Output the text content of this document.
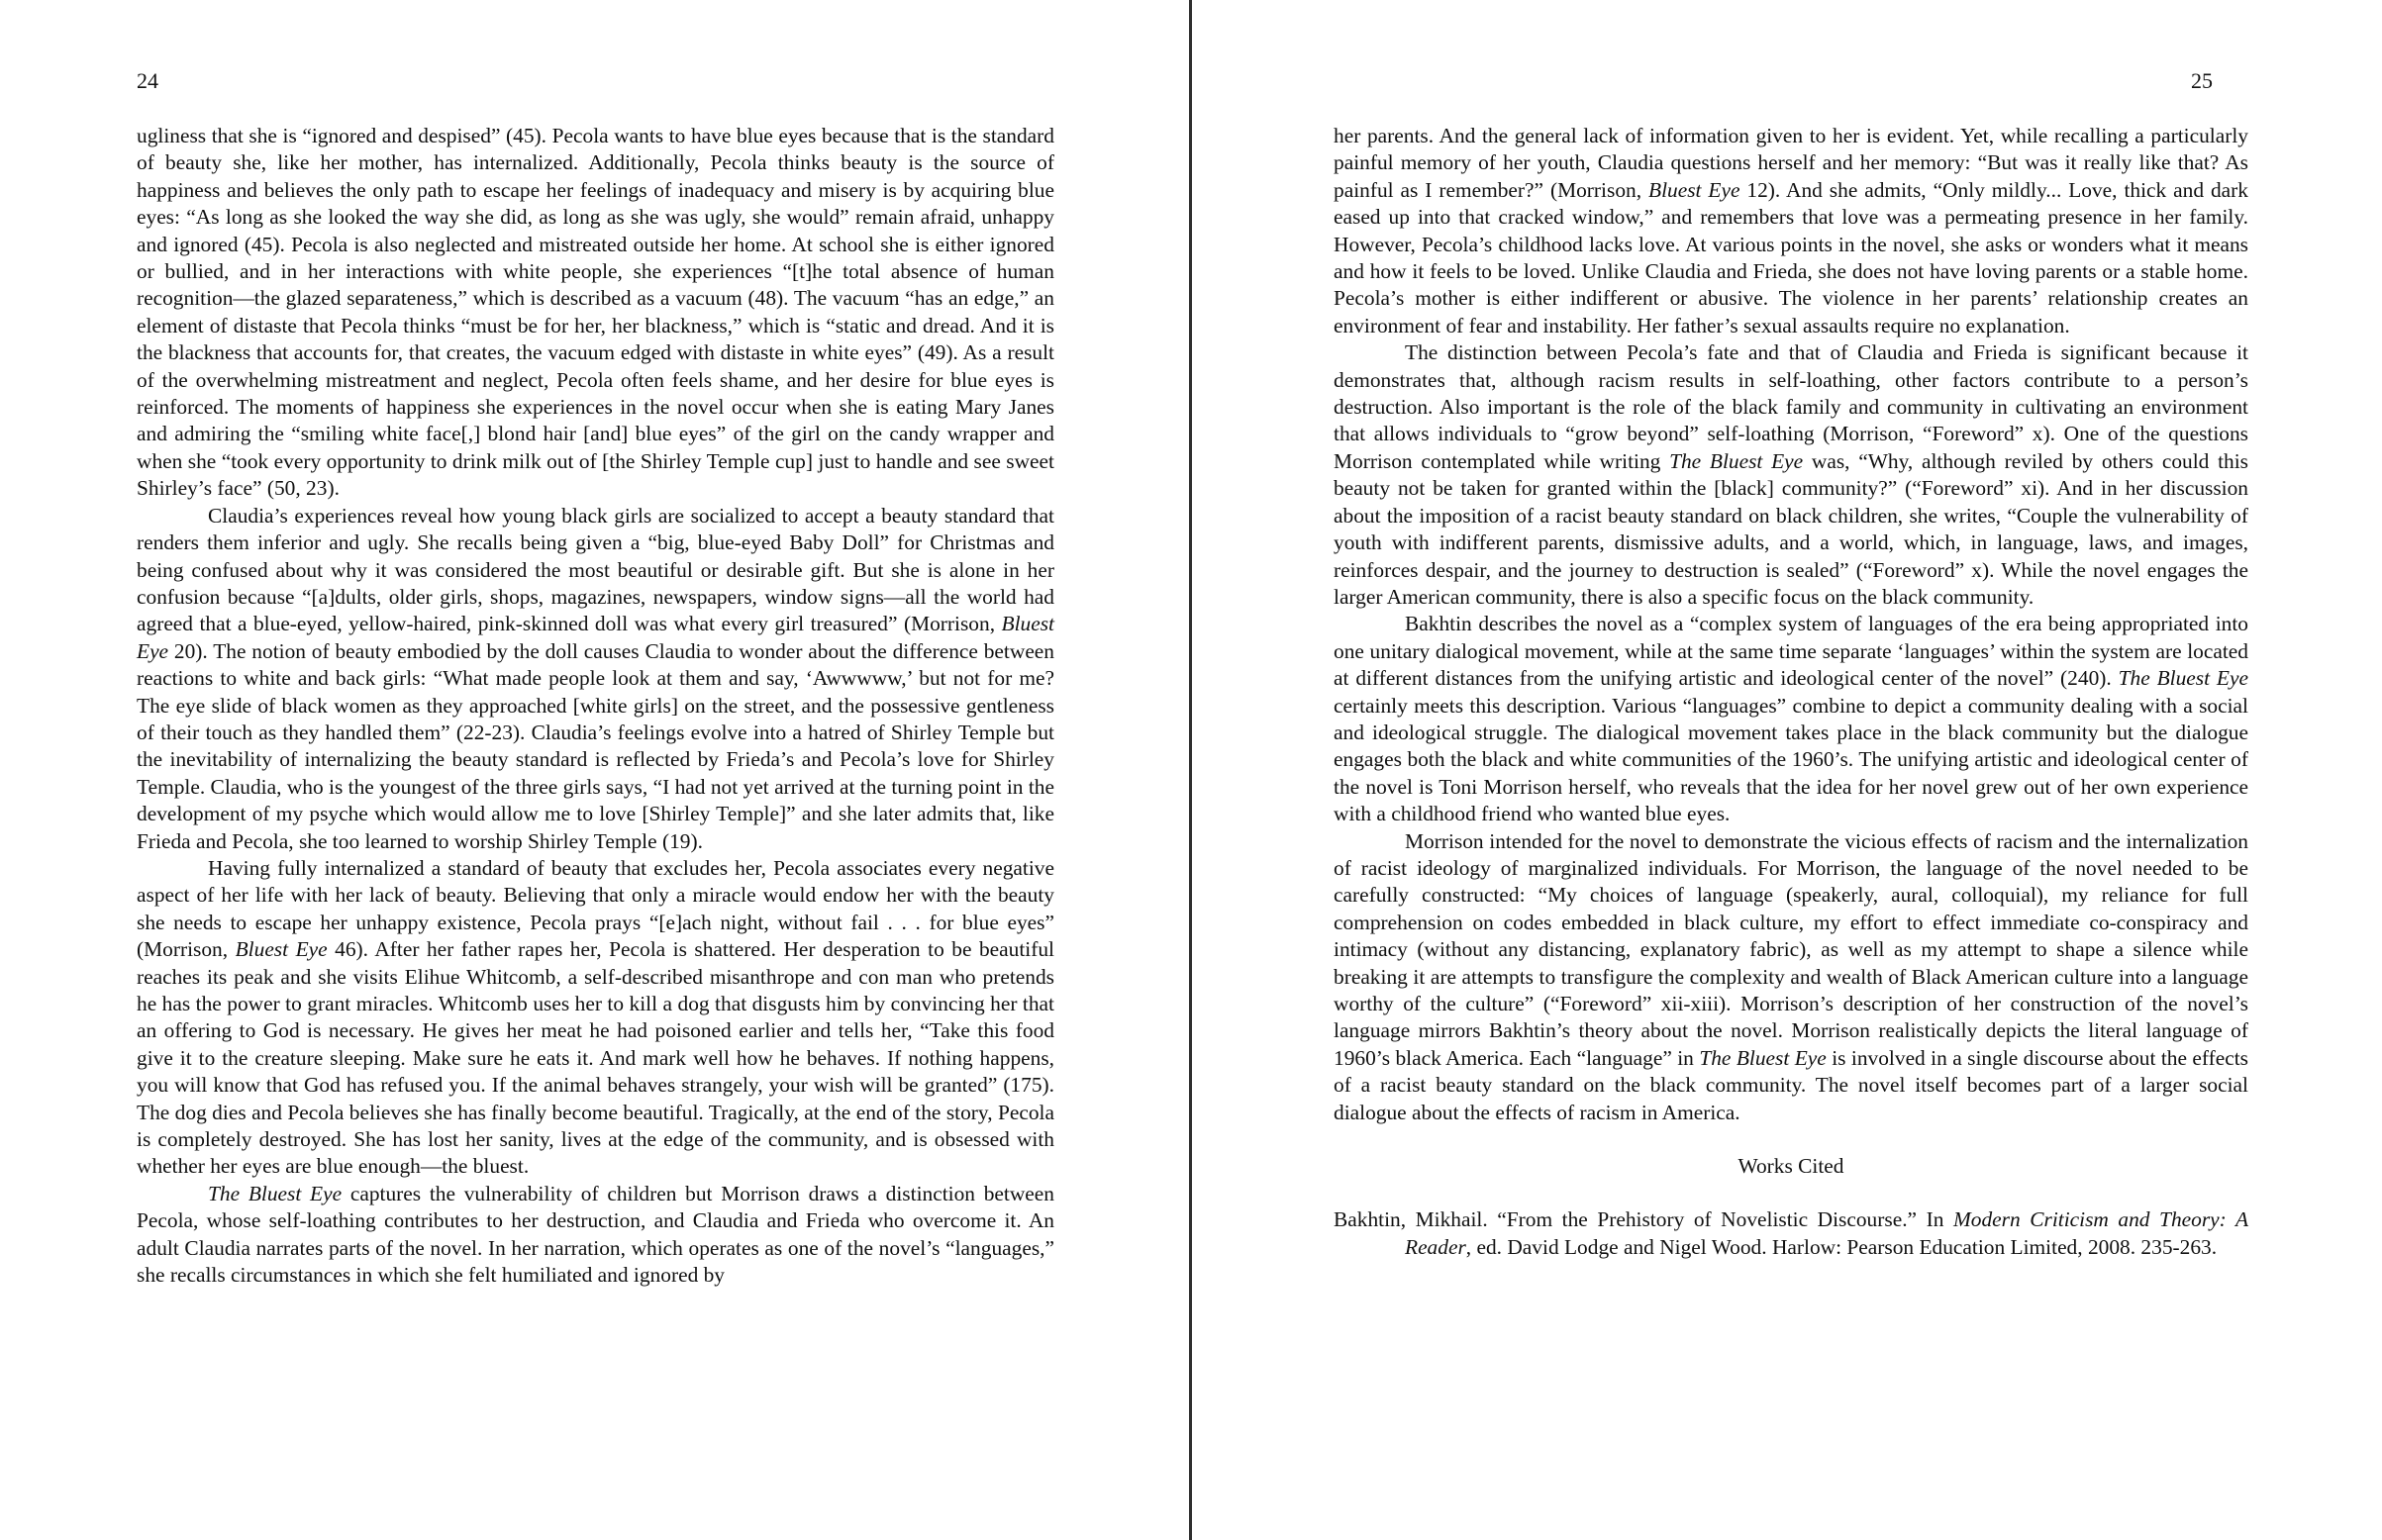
24

ugliness that she is “ignored and despised” (45). Pecola wants to have blue eyes because that is the standard of beauty she, like her mother, has internalized. Additionally, Pecola thinks beauty is the source of happiness and believes the only path to escape her feelings of inadequacy and misery is by acquiring blue eyes: “As long as she looked the way she did, as long as she was ugly, she would” remain afraid, unhappy and ignored (45). Pecola is also neglected and mistreated outside her home. At school she is either ignored or bullied, and in her interactions with white people, she experiences “[t]he total absence of human recognition—the glazed separateness,” which is described as a vacuum (48). The vacuum “has an edge,” an element of distaste that Pecola thinks “must be for her, her blackness,” which is “static and dread. And it is the blackness that accounts for, that creates, the vacuum edged with distaste in white eyes” (49). As a result of the overwhelming mistreatment and neglect, Pecola often feels shame, and her desire for blue eyes is reinforced. The moments of happiness she experiences in the novel occur when she is eating Mary Janes and admiring the “smiling white face[,] blond hair [and] blue eyes” of the girl on the candy wrapper and when she “took every opportunity to drink milk out of [the Shirley Temple cup] just to handle and see sweet Shirley’s face” (50, 23).

Claudia’s experiences reveal how young black girls are socialized to accept a beauty standard that renders them inferior and ugly. She recalls being given a “big, blue-eyed Baby Doll” for Christmas and being confused about why it was considered the most beautiful or desirable gift. But she is alone in her confusion because “[a]dults, older girls, shops, magazines, newspapers, window signs—all the world had agreed that a blue-eyed, yellow-haired, pink-skinned doll was what every girl treasured” (Morrison, Bluest Eye 20). The notion of beauty embodied by the doll causes Claudia to wonder about the difference between reactions to white and back girls: “What made people look at them and say, ‘Awwwww,’ but not for me? The eye slide of black women as they approached [white girls] on the street, and the possessive gentleness of their touch as they handled them” (22-23). Claudia’s feelings evolve into a hatred of Shirley Temple but the inevitability of internalizing the beauty standard is reflected by Frieda’s and Pecola’s love for Shirley Temple. Claudia, who is the youngest of the three girls says, “I had not yet arrived at the turning point in the development of my psyche which would allow me to love [Shirley Temple]” and she later admits that, like Frieda and Pecola, she too learned to worship Shirley Temple (19).

Having fully internalized a standard of beauty that excludes her, Pecola associates every negative aspect of her life with her lack of beauty. Believing that only a miracle would endow her with the beauty she needs to escape her unhappy existence, Pecola prays “[e]ach night, without fail . . . for blue eyes” (Morrison, Bluest Eye 46). After her father rapes her, Pecola is shattered. Her desperation to be beautiful reaches its peak and she visits Elihue Whitcomb, a self-described misanthrope and con man who pretends he has the power to grant miracles. Whitcomb uses her to kill a dog that disgusts him by convincing her that an offering to God is necessary. He gives her meat he had poisoned earlier and tells her, “Take this food give it to the creature sleeping. Make sure he eats it. And mark well how he behaves. If nothing happens, you will know that God has refused you. If the animal behaves strangely, your wish will be granted” (175). The dog dies and Pecola believes she has finally become beautiful. Tragically, at the end of the story, Pecola is completely destroyed. She has lost her sanity, lives at the edge of the community, and is obsessed with whether her eyes are blue enough—the bluest.

The Bluest Eye captures the vulnerability of children but Morrison draws a distinction between Pecola, whose self-loathing contributes to her destruction, and Claudia and Frieda who overcome it. An adult Claudia narrates parts of the novel. In her narration, which operates as one of the novel’s “languages,” she recalls circumstances in which she felt humiliated and ignored by

25

her parents. And the general lack of information given to her is evident. Yet, while recalling a particularly painful memory of her youth, Claudia questions herself and her memory: “But was it really like that? As painful as I remember?” (Morrison, Bluest Eye 12). And she admits, “Only mildly... Love, thick and dark eased up into that cracked window,” and remembers that love was a permeating presence in her family. However, Pecola’s childhood lacks love. At various points in the novel, she asks or wonders what it means and how it feels to be loved. Unlike Claudia and Frieda, she does not have loving parents or a stable home. Pecola’s mother is either indifferent or abusive. The violence in her parents’ relationship creates an environment of fear and instability. Her father’s sexual assaults require no explanation.

The distinction between Pecola’s fate and that of Claudia and Frieda is significant because it demonstrates that, although racism results in self-loathing, other factors contribute to a person’s destruction. Also important is the role of the black family and community in cultivating an environment that allows individuals to “grow beyond” self-loathing (Morrison, “Foreword” x). One of the questions Morrison contemplated while writing The Bluest Eye was, “Why, although reviled by others could this beauty not be taken for granted within the [black] community?” (“Foreword” xi). And in her discussion about the imposition of a racist beauty standard on black children, she writes, “Couple the vulnerability of youth with indifferent parents, dismissive adults, and a world, which, in language, laws, and images, reinforces despair, and the journey to destruction is sealed” (“Foreword” x). While the novel engages the larger American community, there is also a specific focus on the black community.

Bakhtin describes the novel as a “complex system of languages of the era being appropriated into one unitary dialogical movement, while at the same time separate ‘languages’ within the system are located at different distances from the unifying artistic and ideological center of the novel” (240). The Bluest Eye certainly meets this description. Various “languages” combine to depict a community dealing with a social and ideological struggle. The dialogical movement takes place in the black community but the dialogue engages both the black and white communities of the 1960’s. The unifying artistic and ideological center of the novel is Toni Morrison herself, who reveals that the idea for her novel grew out of her own experience with a childhood friend who wanted blue eyes.

Morrison intended for the novel to demonstrate the vicious effects of racism and the internalization of racist ideology of marginalized individuals. For Morrison, the language of the novel needed to be carefully constructed: “My choices of language (speakerly, aural, colloquial), my reliance for full comprehension on codes embedded in black culture, my effort to effect immediate co-conspiracy and intimacy (without any distancing, explanatory fabric), as well as my attempt to shape a silence while breaking it are attempts to transfigure the complexity and wealth of Black American culture into a language worthy of the culture” (“Foreword” xii-xiii). Morrison’s description of her construction of the novel’s language mirrors Bakhtin’s theory about the novel. Morrison realistically depicts the literal language of 1960’s black America. Each “language” in The Bluest Eye is involved in a single discourse about the effects of a racist beauty standard on the black community. The novel itself becomes part of a larger social dialogue about the effects of racism in America.

Works Cited

Bakhtin, Mikhail. “From the Prehistory of Novelistic Discourse.” In Modern Criticism and Theory: A Reader, ed. David Lodge and Nigel Wood. Harlow: Pearson Education Limited, 2008. 235-263.
